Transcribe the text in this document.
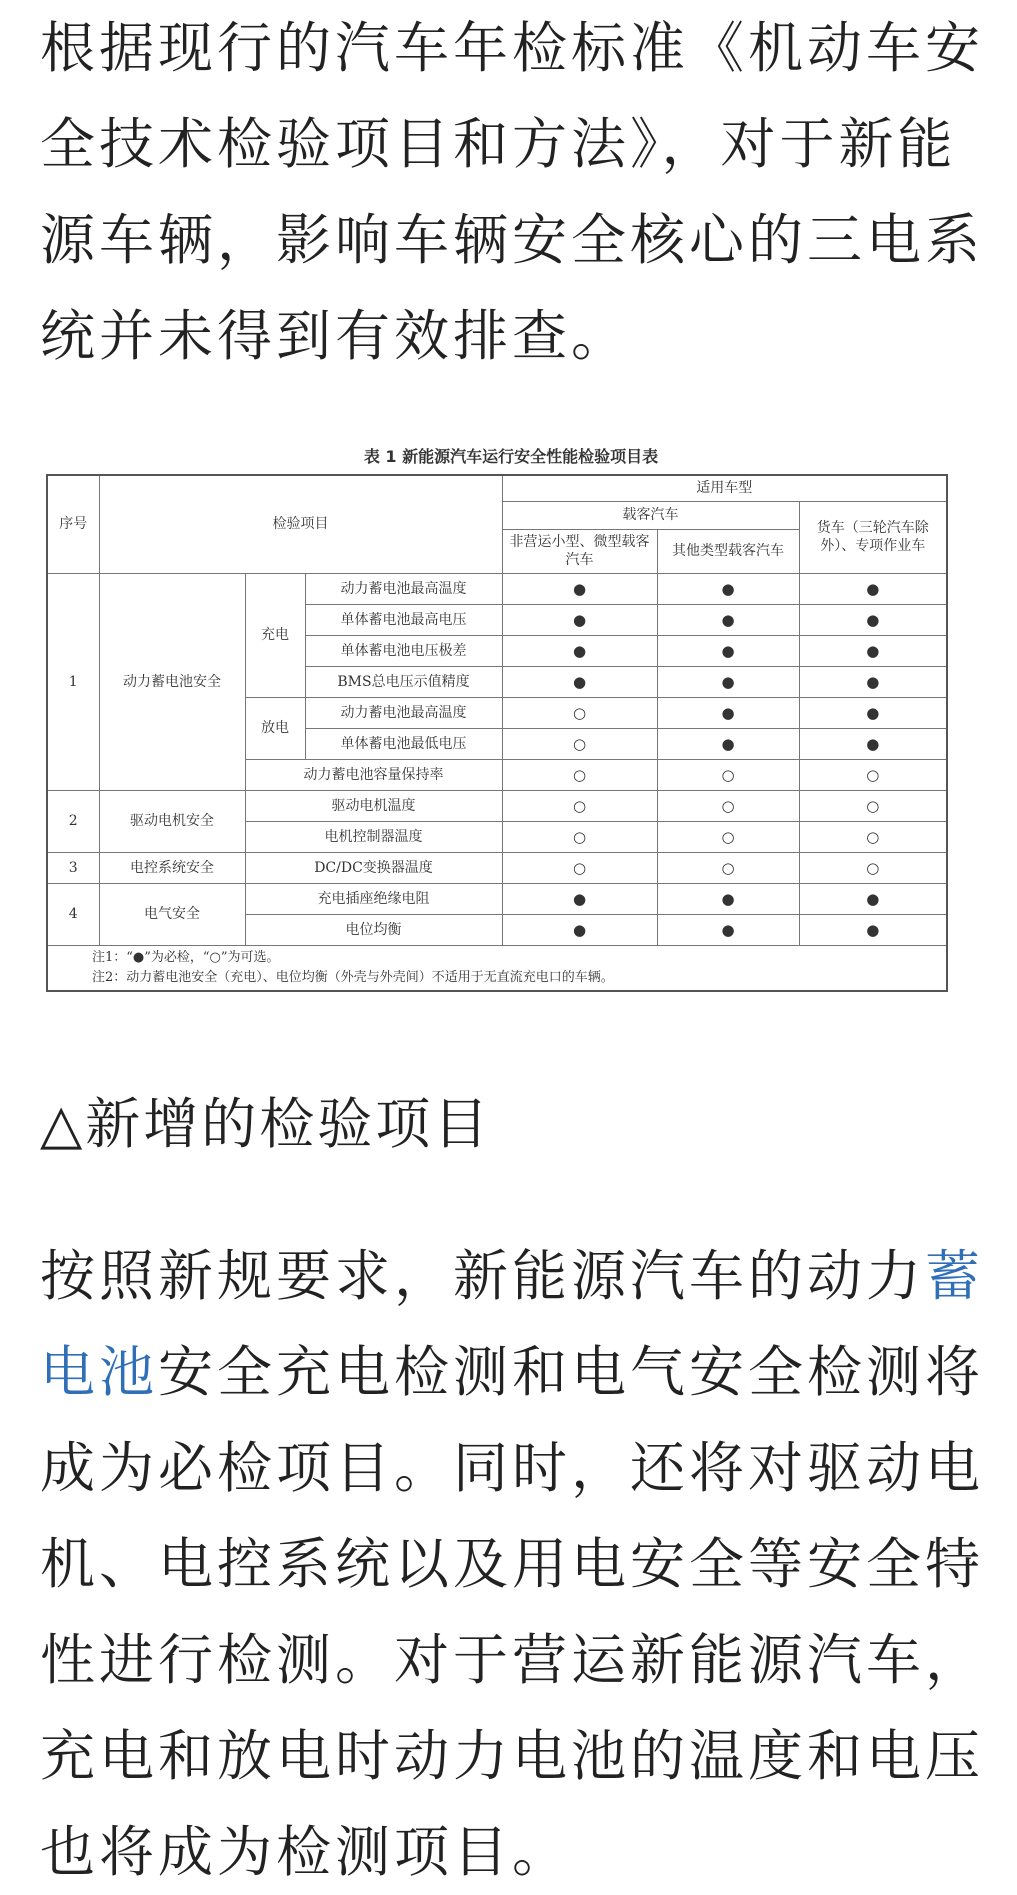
根据现行的汽车年检标准《机动车安全技术检验项目和方法》，对于新能源车辆，影响车辆安全核心的三电系统并未得到有效排查。

表 1 新能源汽车运行安全性能检验项目表
序号	检验项目			适用车型		
				载客汽车		货车（三轮汽车除外）、专项作业车
				非营运小型、微型载客汽车	其他类型载客汽车	
1	动力蓄电池安全	充电	动力蓄电池最高温度	●	●	●
			单体蓄电池最高电压	●	●	●
			单体蓄电池电压极差	●	●	●
			BMS总电压示值精度	●	●	●
		放电	动力蓄电池最高温度	○	●	●
			单体蓄电池最低电压	○	●	●
		动力蓄电池容量保持率		○	○	○
2	驱动电机安全	驱动电机温度		○	○	○
		电机控制器温度		○	○	○
3	电控系统安全	DC/DC变换器温度		○	○	○
4	电气安全	充电插座绝缘电阻		●	●	●
		电位均衡		●	●	●

注1：“●”为必检，“○”为可选。
注2：动力蓄电池安全（充电）、电位均衡（外壳与外壳间）不适用于无直流充电口的车辆。						

△新增的检验项目

按照新规要求，新能源汽车的动力蓄电池安全充电检测和电气安全检测将成为必检项目。同时，还将对驱动电机、电控系统以及用电安全等安全特性进行检测。对于营运新能源汽车，充电和放电时动力电池的温度和电压也将成为检测项目。
